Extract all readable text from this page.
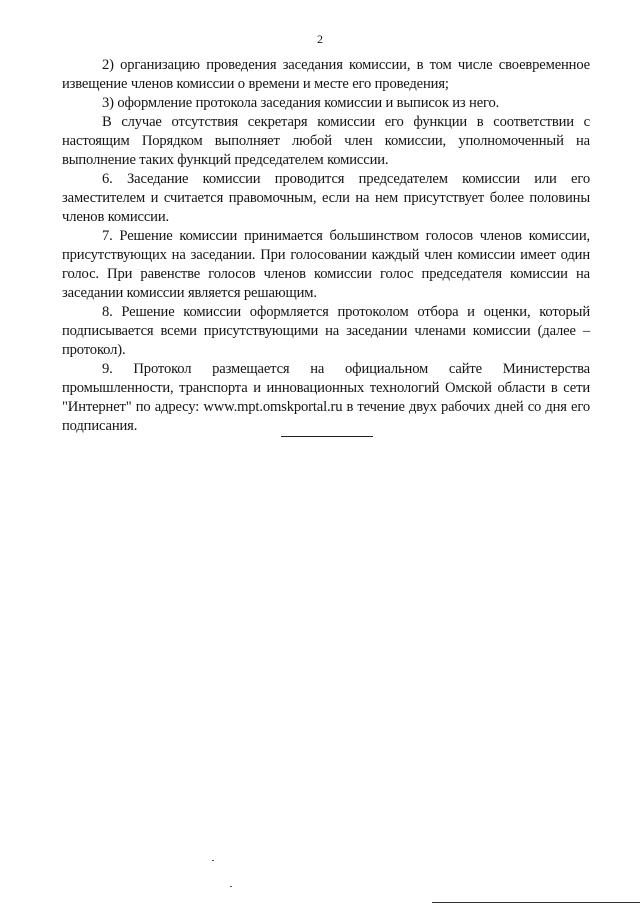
2

2) организацию проведения заседания комиссии, в том числе своевременное извещение членов комиссии о времени и месте его проведения;

3) оформление протокола заседания комиссии и выписок из него.

В случае отсутствия секретаря комиссии его функции в соответствии с настоящим Порядком выполняет любой член комиссии, уполномоченный на выполнение таких функций председателем комиссии.

6. Заседание комиссии проводится председателем комиссии или его заместителем и считается правомочным, если на нем присутствует более половины членов комиссии.

7. Решение комиссии принимается большинством голосов членов комиссии, присутствующих на заседании. При голосовании каждый член комиссии имеет один голос. При равенстве голосов членов комиссии голос председателя комиссии на заседании комиссии является решающим.

8. Решение комиссии оформляется протоколом отбора и оценки, который подписывается всеми присутствующими на заседании членами комиссии (далее – протокол).

9. Протокол размещается на официальном сайте Министерства промышленности, транспорта и инновационных технологий Омской области в сети "Интернет" по адресу: www.mpt.omskportal.ru в течение двух рабочих дней со дня его подписания.
